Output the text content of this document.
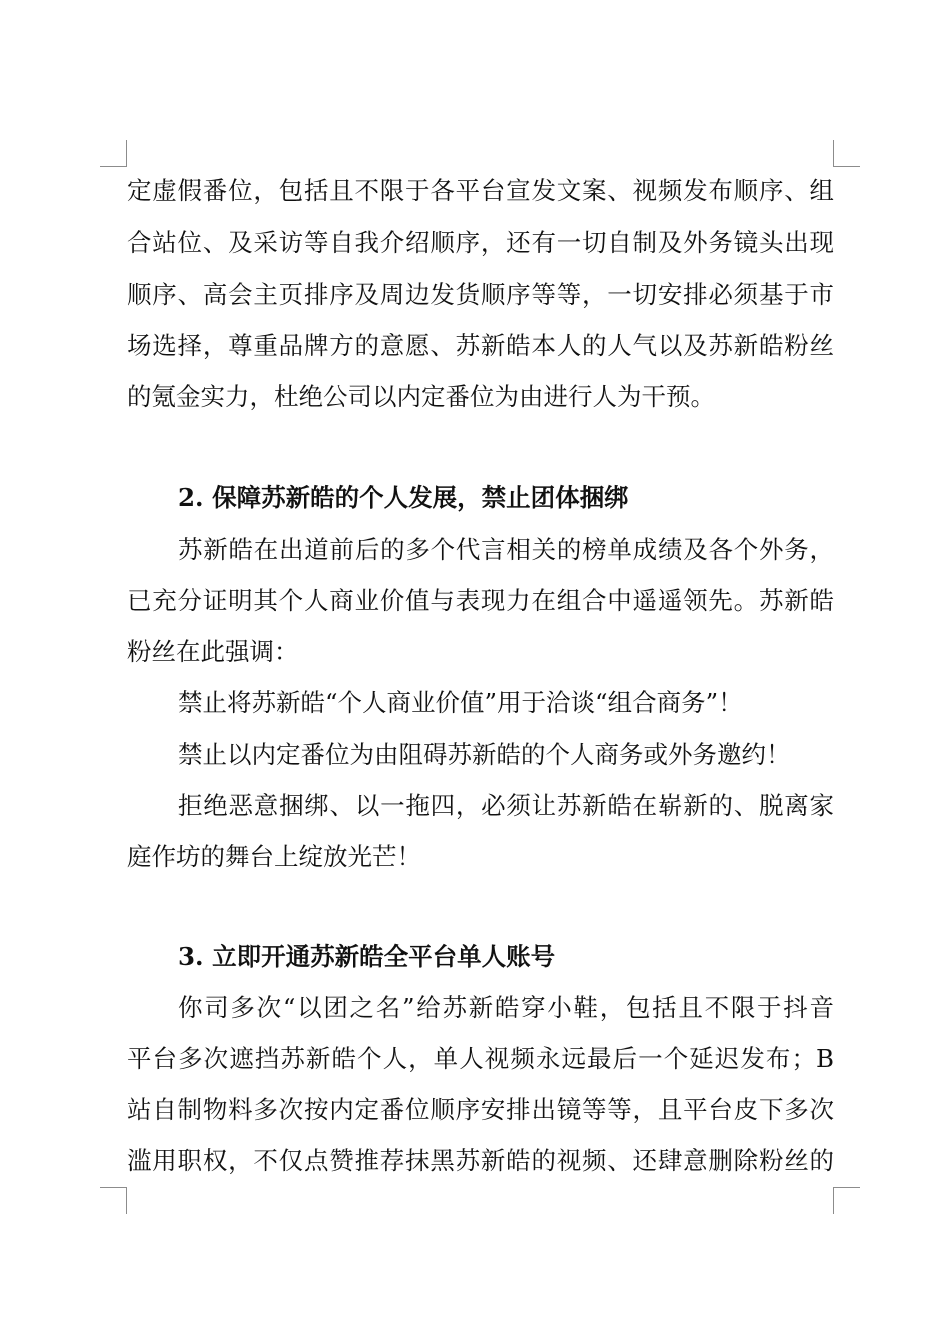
定虚假番位，包括且不限于各平台宣发文案、视频发布顺序、组
合站位、及采访等自我介绍顺序，还有一切自制及外务镜头出现
顺序、高会主页排序及周边发货顺序等等，一切安排必须基于市
场选择，尊重品牌方的意愿、苏新皓本人的人气以及苏新皓粉丝
的氪金实力，杜绝公司以内定番位为由进行人为干预。
2. 保障苏新皓的个人发展，禁止团体捆绑
苏新皓在出道前后的多个代言相关的榜单成绩及各个外务，
已充分证明其个人商业价值与表现力在组合中遥遥领先。苏新皓
粉丝在此强调：
禁止将苏新皓“个人商业价值”用于洽谈“组合商务”！
禁止以内定番位为由阻碍苏新皓的个人商务或外务邀约！
拒绝恶意捆绑、以一拖四，必须让苏新皓在崭新的、脱离家
庭作坊的舞台上绽放光芒！
3. 立即开通苏新皓全平台单人账号
你司多次“以团之名”给苏新皓穿小鞋，包括且不限于抖音
平台多次遮挡苏新皓个人，单人视频永远最后一个延迟发布；B
站自制物料多次按内定番位顺序安排出镜等等，且平台皮下多次
滥用职权，不仅点赞推荐抹黑苏新皓的视频、还肆意删除粉丝的
